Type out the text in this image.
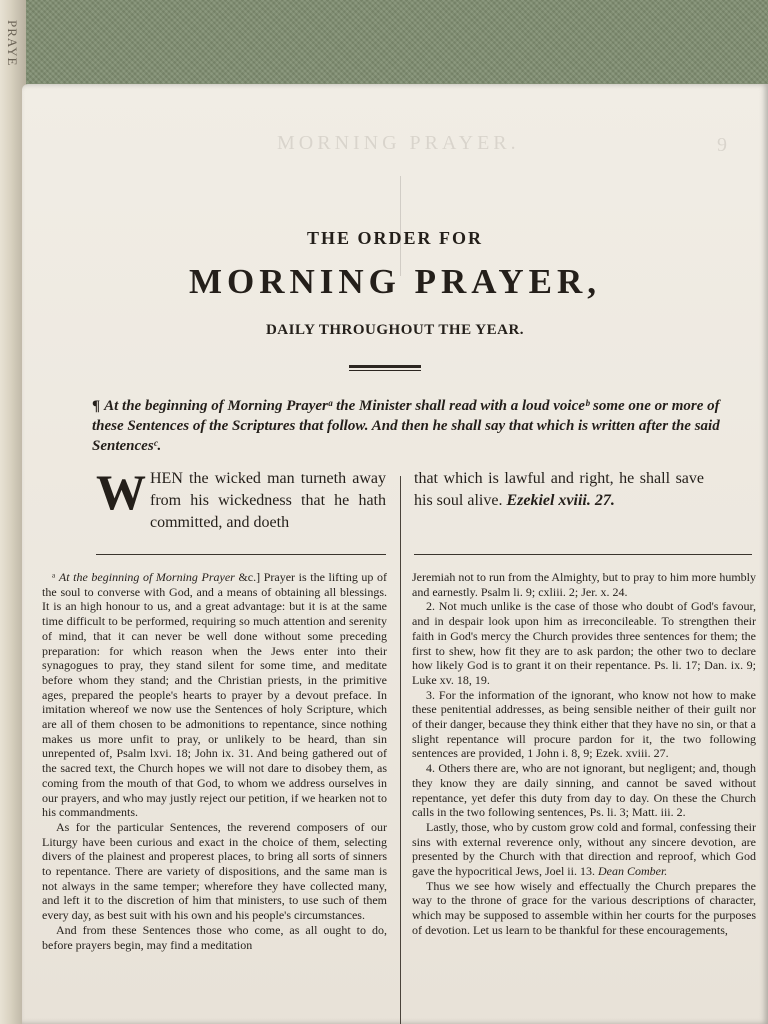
PRAYE
MORNING PRAYER.	9
THE ORDER FOR
MORNING PRAYER,
DAILY THROUGHOUT THE YEAR.
¶ At the beginning of Morning Prayerᵃ the Minister shall read with a loud voiceᵇ some one or more of these Sentences of the Scriptures that follow. And then he shall say that which is written after the said Sentencesᶜ.
WHEN the wicked man turneth away from his wickedness that he hath committed, and doeth
that which is lawful and right, he shall save his soul alive. Ezekiel xviii. 27.

ᵃ At the beginning of Morning Prayer &c.] Prayer is the lifting up of the soul to converse with God, and a means of obtaining all blessings. It is an high honour to us, and a great advantage: but it is at the same time difficult to be performed, requiring so much attention and serenity of mind, that it can never be well done without some preceding preparation: for which reason when the Jews enter into their synagogues to pray, they stand silent for some time, and meditate before whom they stand; and the Christian priests, in the primitive ages, prepared the people's hearts to prayer by a devout preface. In imitation whereof we now use the Sentences of holy Scripture, which are all of them chosen to be admonitions to repentance, since nothing makes us more unfit to pray, or unlikely to be heard, than sin unrepented of, Psalm lxvi. 18; John ix. 31. And being gathered out of the sacred text, the Church hopes we will not dare to disobey them, as coming from the mouth of that God, to whom we address ourselves in our prayers, and who may justly reject our petition, if we hearken not to his commandments.

As for the particular Sentences, the reverend composers of our Liturgy have been curious and exact in the choice of them, selecting divers of the plainest and properest places, to bring all sorts of sinners to repentance. There are variety of dispositions, and the same man is not always in the same temper; wherefore they have collected many, and left it to the discretion of him that ministers, to use such of them every day, as best suit with his own and his people's circumstances.

And from these Sentences those who come, as all ought to do, before prayers begin, may find a meditation

Jeremiah not to run from the Almighty, but to pray to him more humbly and earnestly. Psalm li. 9; cxliii. 2; Jer. x. 24.

2. Not much unlike is the case of those who doubt of God's favour, and in despair look upon him as irreconcileable. To strengthen their faith in God's mercy the Church provides three sentences for them; the first to shew, how fit they are to ask pardon; the other two to declare how likely God is to grant it on their repentance. Ps. li. 17; Dan. ix. 9; Luke xv. 18, 19.

3. For the information of the ignorant, who know not how to make these penitential addresses, as being sensible neither of their guilt nor of their danger, because they think either that they have no sin, or that a slight repentance will procure pardon for it, the two following sentences are provided, 1 John i. 8, 9; Ezek. xviii. 27.

4. Others there are, who are not ignorant, but negligent; and, though they know they are daily sinning, and cannot be saved without repentance, yet defer this duty from day to day. On these the Church calls in the two following sentences, Ps. li. 3; Matt. iii. 2.

Lastly, those, who by custom grow cold and formal, confessing their sins with external reverence only, without any sincere devotion, are presented by the Church with that direction and reproof, which God gave the hypocritical Jews, Joel ii. 13. Dean Comber.

Thus we see how wisely and effectually the Church prepares the way to the throne of grace for the various descriptions of character, which may be supposed to assemble within her courts for the purposes of devotion. Let us learn to be thankful for these encouragements,
